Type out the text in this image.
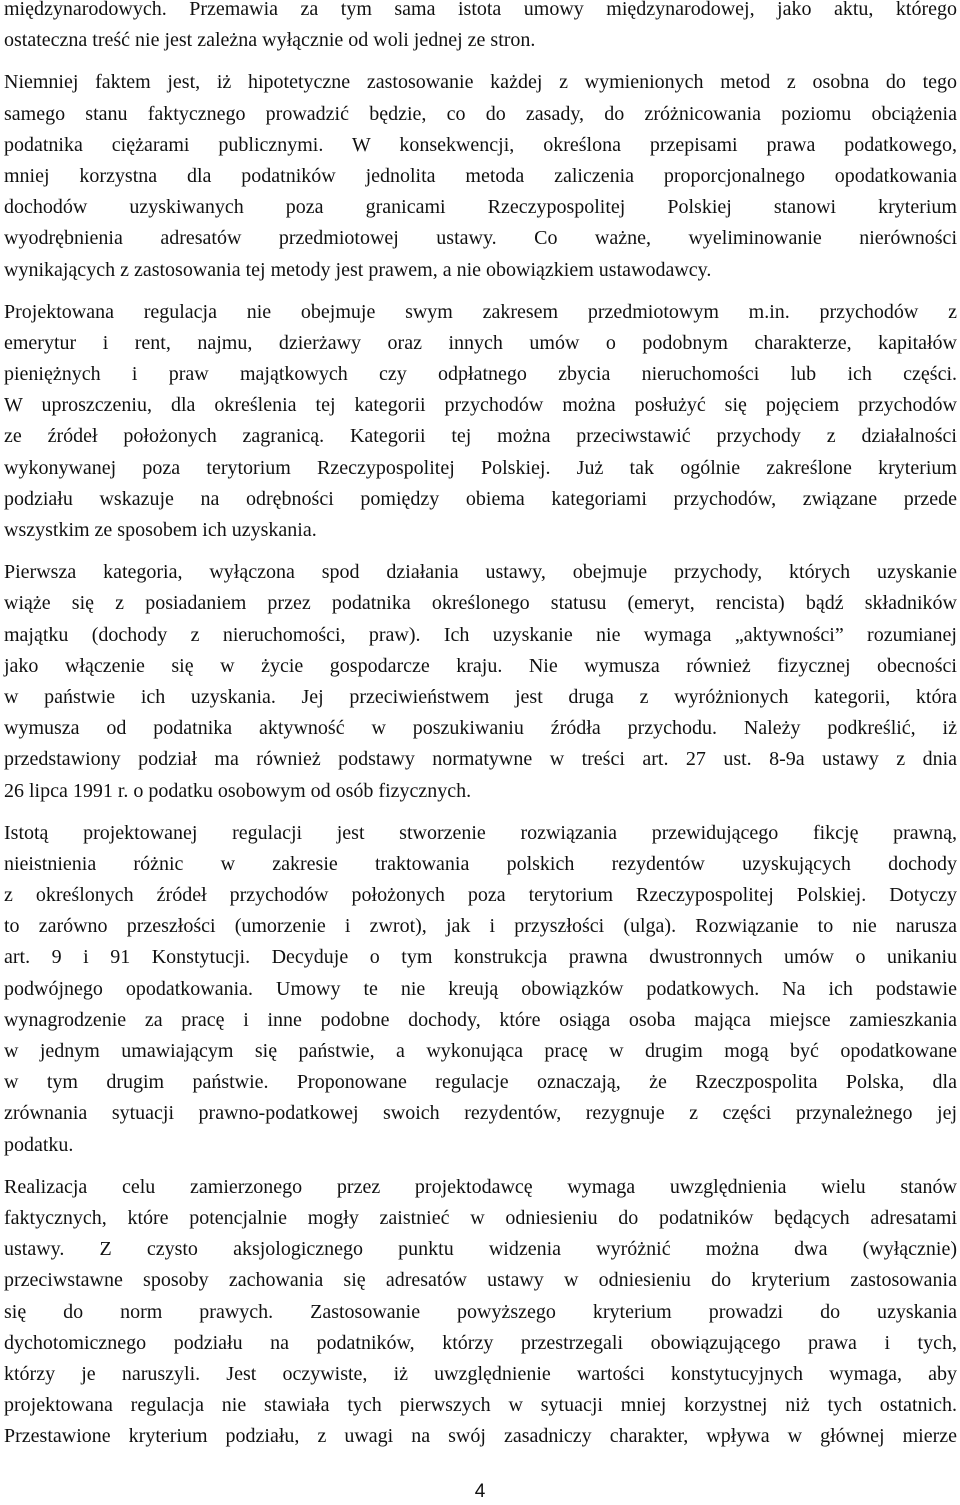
międzynarodowych. Przemawia za tym sama istota umowy międzynarodowej, jako aktu, którego
ostateczna treść nie jest zależna wyłącznie od woli jednej ze stron.
Niemniej faktem jest, iż hipotetyczne zastosowanie każdej z wymienionych metod z osobna do tego
samego stanu faktycznego prowadzić będzie, co do zasady, do zróżnicowania poziomu obciążenia
podatnika ciężarami publicznymi. W konsekwencji, określona przepisami prawa podatkowego,
mniej korzystna dla podatników jednolita metoda zaliczenia proporcjonalnego opodatkowania
dochodów uzyskiwanych poza granicami Rzeczypospolitej Polskiej stanowi kryterium
wyodrębnienia adresatów przedmiotowej ustawy. Co ważne, wyeliminowanie nierówności
wynikających z zastosowania tej metody jest prawem, a nie obowiązkiem ustawodawcy.
Projektowana regulacja nie obejmuje swym zakresem przedmiotowym m.in. przychodów z
emerytur i rent, najmu, dzierżawy oraz innych umów o podobnym charakterze, kapitałów
pieniężnych i praw majątkowych czy odpłatnego zbycia nieruchomości lub ich części.
W uproszczeniu, dla określenia tej kategorii przychodów można posłużyć się pojęciem przychodów
ze źródeł położonych zagranicą. Kategorii tej można przeciwstawić przychody z działalności
wykonywanej poza terytorium Rzeczypospolitej Polskiej. Już tak ogólnie zakreślone kryterium
podziału wskazuje na odrębności pomiędzy obiema kategoriami przychodów, związane przede
wszystkim ze sposobem ich uzyskania.
Pierwsza kategoria, wyłączona spod działania ustawy, obejmuje przychody, których uzyskanie
wiąże się z posiadaniem przez podatnika określonego statusu (emeryt, rencista) bądź składników
majątku (dochody z nieruchomości, praw). Ich uzyskanie nie wymaga „aktywności” rozumianej
jako włączenie się w życie gospodarcze kraju. Nie wymusza również fizycznej obecności
w państwie ich uzyskania. Jej przeciwieństwem jest druga z wyróżnionych kategorii, która
wymusza od podatnika aktywność w poszukiwaniu źródła przychodu. Należy podkreślić, iż
przedstawiony podział ma również podstawy normatywne w treści art. 27 ust. 8-9a ustawy z dnia
26 lipca 1991 r. o podatku osobowym od osób fizycznych.
Istotą projektowanej regulacji jest stworzenie rozwiązania przewidującego fikcję prawną,
nieistnienia różnic w zakresie traktowania polskich rezydentów uzyskujących dochody
z określonych źródeł przychodów położonych poza terytorium Rzeczypospolitej Polskiej. Dotyczy
to zarówno przeszłości (umorzenie i zwrot), jak i przyszłości (ulga). Rozwiązanie to nie narusza
art. 9 i 91 Konstytucji. Decyduje o tym konstrukcja prawna dwustronnych umów o unikaniu
podwójnego opodatkowania. Umowy te nie kreują obowiązków podatkowych. Na ich podstawie
wynagrodzenie za pracę i inne podobne dochody, które osiąga osoba mająca miejsce zamieszkania
w jednym umawiającym się państwie, a wykonująca pracę w drugim mogą być opodatkowane
w tym drugim państwie. Proponowane regulacje oznaczają, że Rzeczpospolita Polska, dla
zrównania sytuacji prawno-podatkowej swoich rezydentów, rezygnuje z części przynależnego jej
podatku.
Realizacja celu zamierzonego przez projektodawcę wymaga uwzględnienia wielu stanów
faktycznych, które potencjalnie mogły zaistnieć w odniesieniu do podatników będących adresatami
ustawy. Z czysto aksjologicznego punktu widzenia wyróżnić można dwa (wyłącznie)
przeciwstawne sposoby zachowania się adresatów ustawy w odniesieniu do kryterium zastosowania
się do norm prawych. Zastosowanie powyższego kryterium prowadzi do uzyskania
dychotomicznego podziału na podatników, którzy przestrzegali obowiązującego prawa i tych,
którzy je naruszyli. Jest oczywiste, iż uwzględnienie wartości konstytucyjnych wymaga, aby
projektowana regulacja nie stawiała tych pierwszych w sytuacji mniej korzystnej niż tych ostatnich.
Przestawione kryterium podziału, z uwagi na swój zasadniczy charakter, wpływa w głównej mierze
4
